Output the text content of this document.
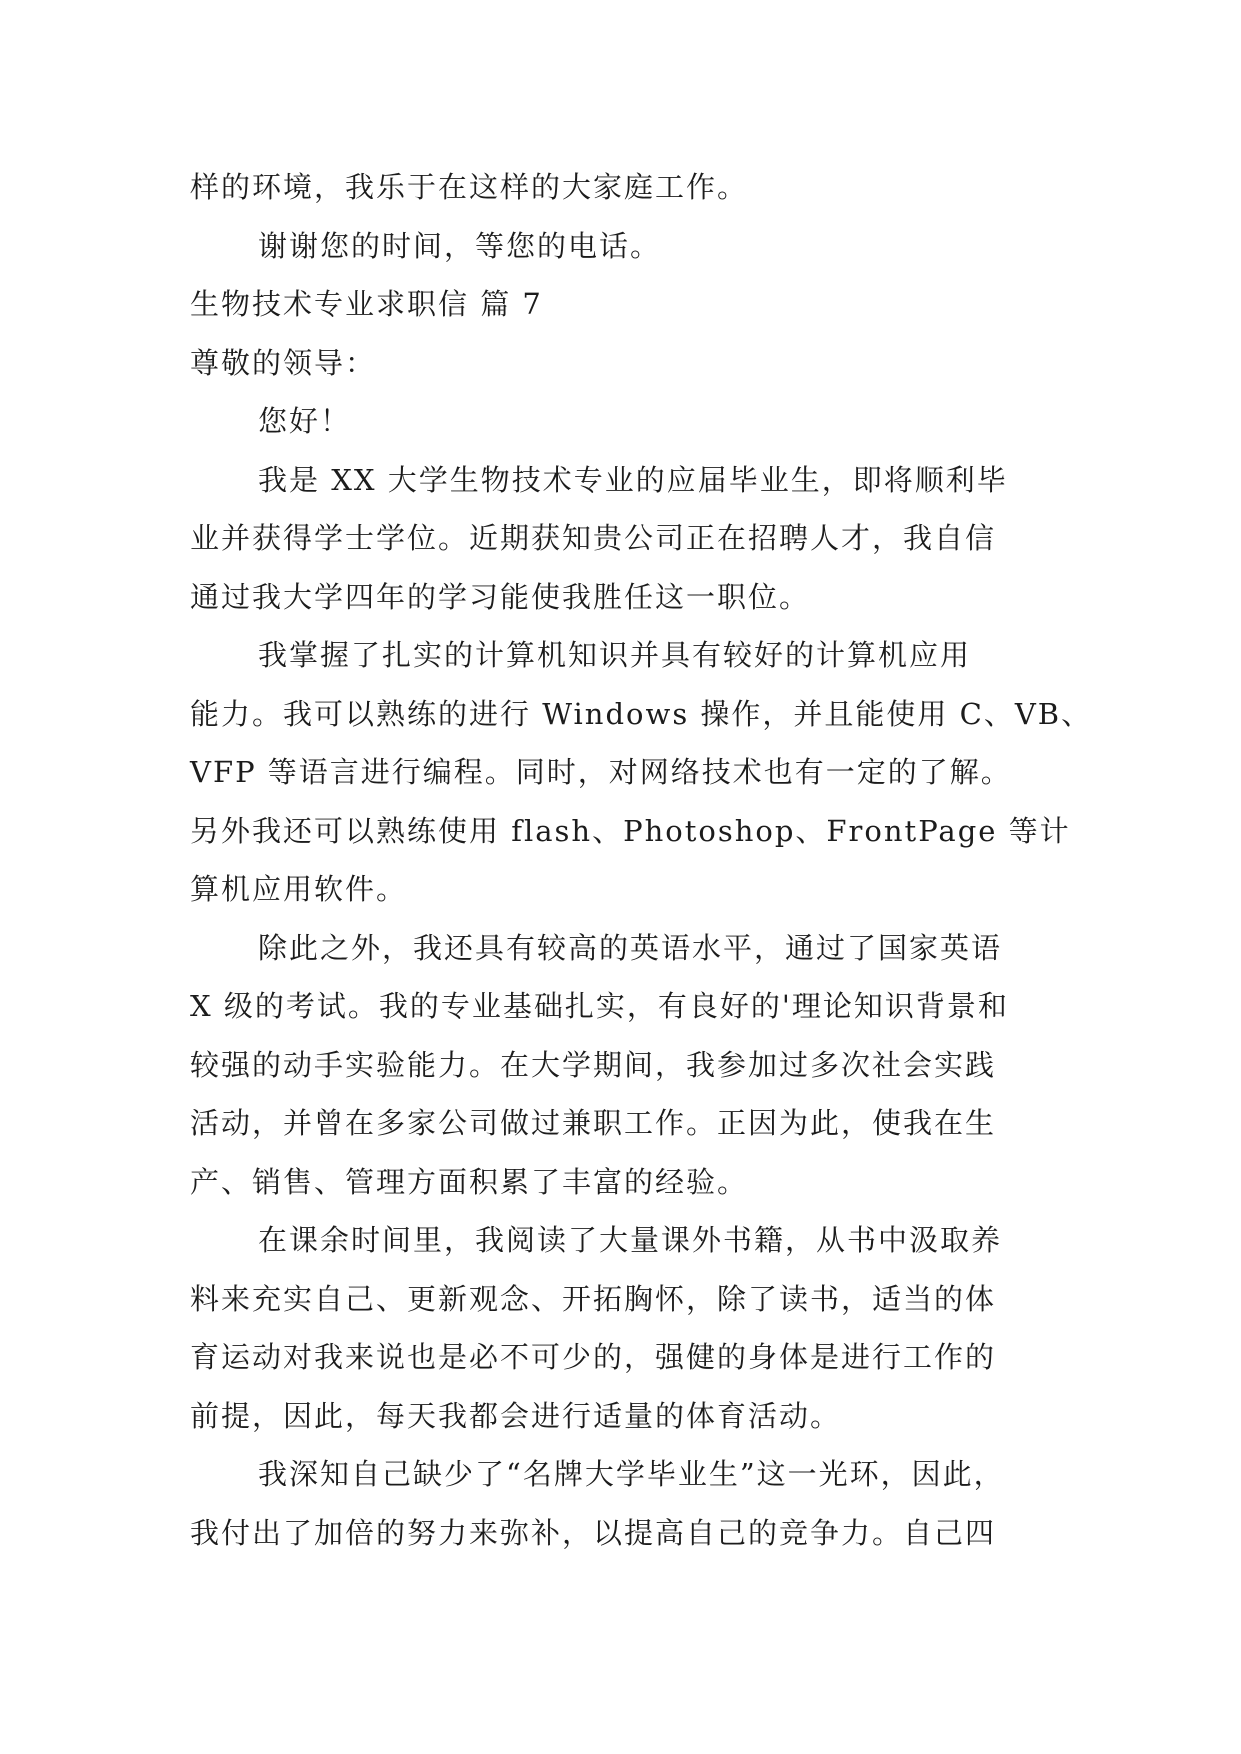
样的环境，我乐于在这样的大家庭工作。
谢谢您的时间，等您的电话。
生物技术专业求职信 篇 7
尊敬的领导：
您好！
我是 XX 大学生物技术专业的应届毕业生，即将顺利毕
业并获得学士学位。近期获知贵公司正在招聘人才，我自信
通过我大学四年的学习能使我胜任这一职位。
我掌握了扎实的计算机知识并具有较好的计算机应用
能力。我可以熟练的进行 Windows 操作，并且能使用 C、VB、
VFP 等语言进行编程。同时，对网络技术也有一定的了解。
另外我还可以熟练使用 flash、Photoshop、FrontPage 等计
算机应用软件。
除此之外，我还具有较高的英语水平，通过了国家英语
X 级的考试。我的专业基础扎实，有良好的'理论知识背景和
较强的动手实验能力。在大学期间，我参加过多次社会实践
活动，并曾在多家公司做过兼职工作。正因为此，使我在生
产、销售、管理方面积累了丰富的经验。
在课余时间里，我阅读了大量课外书籍，从书中汲取养
料来充实自己、更新观念、开拓胸怀，除了读书，适当的体
育运动对我来说也是必不可少的，强健的身体是进行工作的
前提，因此，每天我都会进行适量的体育活动。
我深知自己缺少了“名牌大学毕业生”这一光环，因此，
我付出了加倍的努力来弥补，以提高自己的竞争力。自己四
